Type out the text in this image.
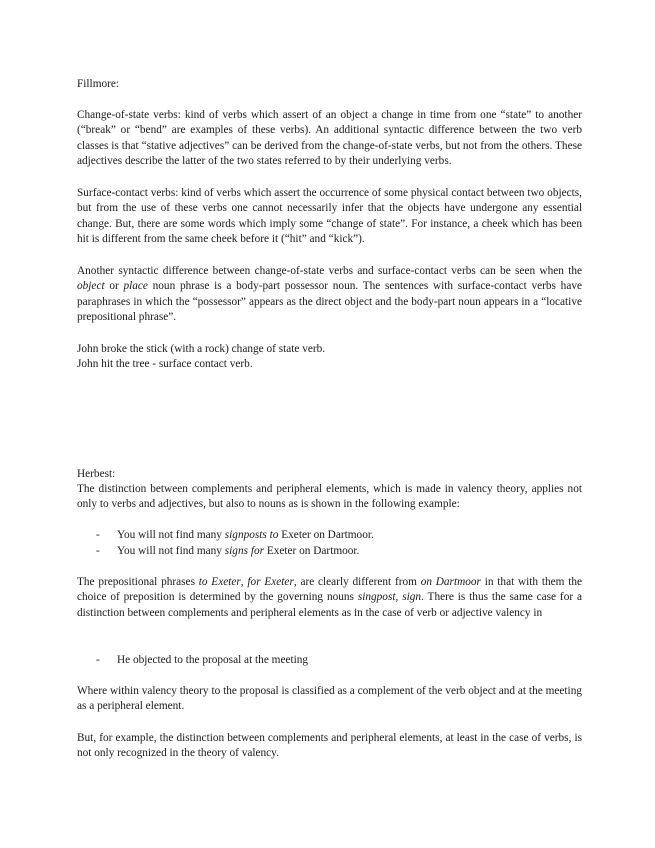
Fillmore:

Change-of-state verbs: kind of verbs which assert of an object a change in time from one “state” to another (“break” or “bend” are examples of these verbs). An additional syntactic difference between the two verb classes is that “stative adjectives” can be derived from the change-of-state verbs, but not from the others. These adjectives describe the latter of the two states referred to by their underlying verbs.

Surface-contact verbs: kind of verbs which assert the occurrence of some physical contact between two objects, but from the use of these verbs one cannot necessarily infer that the objects have undergone any essential change. But, there are some words which imply some “change of state”. For instance, a cheek which has been hit is different from the same cheek before it (“hit” and “kick”).

Another syntactic difference between change-of-state verbs and surface-contact verbs can be seen when the object or place noun phrase is a body-part possessor noun. The sentences with surface-contact verbs have paraphrases in which the “possessor” appears as the direct object and the body-part noun appears in a “locative prepositional phrase”.

John broke the stick (with a rock) change of state verb.

John hit the tree - surface contact verb.

Herbest:

The distinction between complements and peripheral elements, which is made in valency theory, applies not only to verbs and adjectives, but also to nouns as is shown in the following example:

- You will not find many signposts to Exeter on Dartmoor.

- You will not find many signs for Exeter on Dartmoor.

The prepositional phrases to Exeter, for Exeter, are clearly different from on Dartmoor in that with them the choice of preposition is determined by the governing nouns singpost, sign. There is thus the same case for a distinction between complements and peripheral elements as in the case of verb or adjective valency in

- He objected to the proposal at the meeting

Where within valency theory to the proposal is classified as a complement of the verb object and at the meeting as a peripheral element.

But, for example, the distinction between complements and peripheral elements, at least in the case of verbs, is not only recognized in the theory of valency.
